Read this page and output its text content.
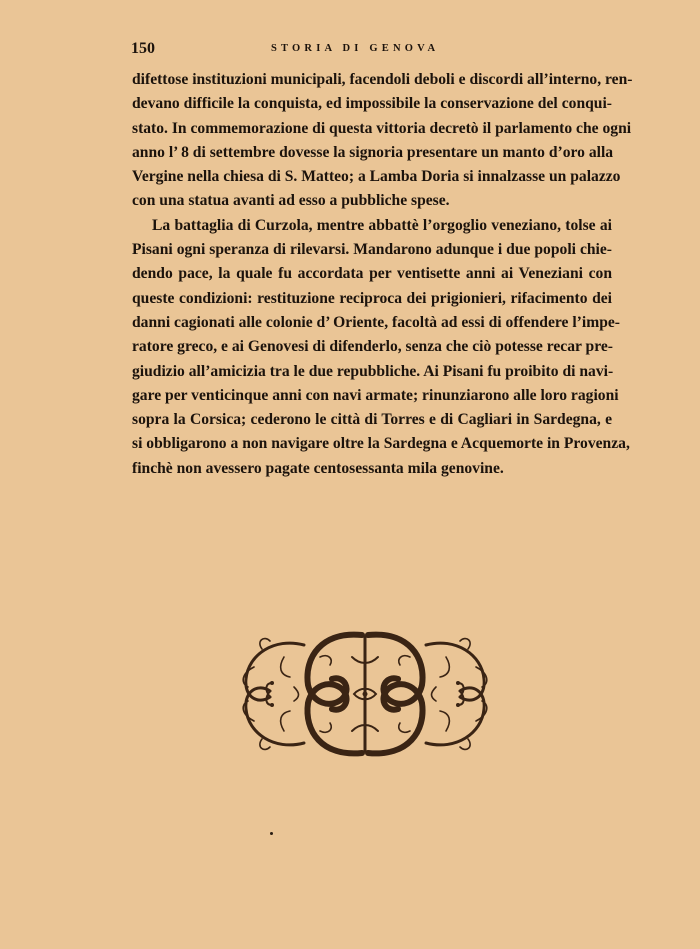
150	STORIA DI GENOVA
difettose instituzioni municipali, facendoli deboli e discordi all’interno, ren-
devano difficile la conquista, ed impossibile la conservazione del conqui-
stato. In commemorazione di questa vittoria decretò il parlamento che ogni
anno l’ 8 di settembre dovesse la signoria presentare un manto d’oro alla
Vergine nella chiesa di S. Matteo; a Lamba Doria si innalzasse un palazzo
con una statua avanti ad esso a pubbliche spese.
La battaglia di Curzola, mentre abbattè l’orgoglio veneziano, tolse ai
Pisani ogni speranza di rilevarsi. Mandarono adunque i due popoli chie-
dendo pace, la quale fu accordata per ventisette anni ai Veneziani con
queste condizioni: restituzione reciproca dei prigionieri, rifacimento dei
danni cagionati alle colonie d’ Oriente, facoltà ad essi di offendere l’impe-
ratore greco, e ai Genovesi di difenderlo, senza che ciò potesse recar pre-
giudizio all’amicizia tra le due repubbliche. Ai Pisani fu proibito di navi-
gare per venticinque anni con navi armate; rinunziarono alle loro ragioni
sopra la Corsica; cederono le città di Torres e di Cagliari in Sardegna, e
si obbligarono a non navigare oltre la Sardegna e Acquemorte in Provenza,
finchè non avessero pagate centosessanta mila genovine.
